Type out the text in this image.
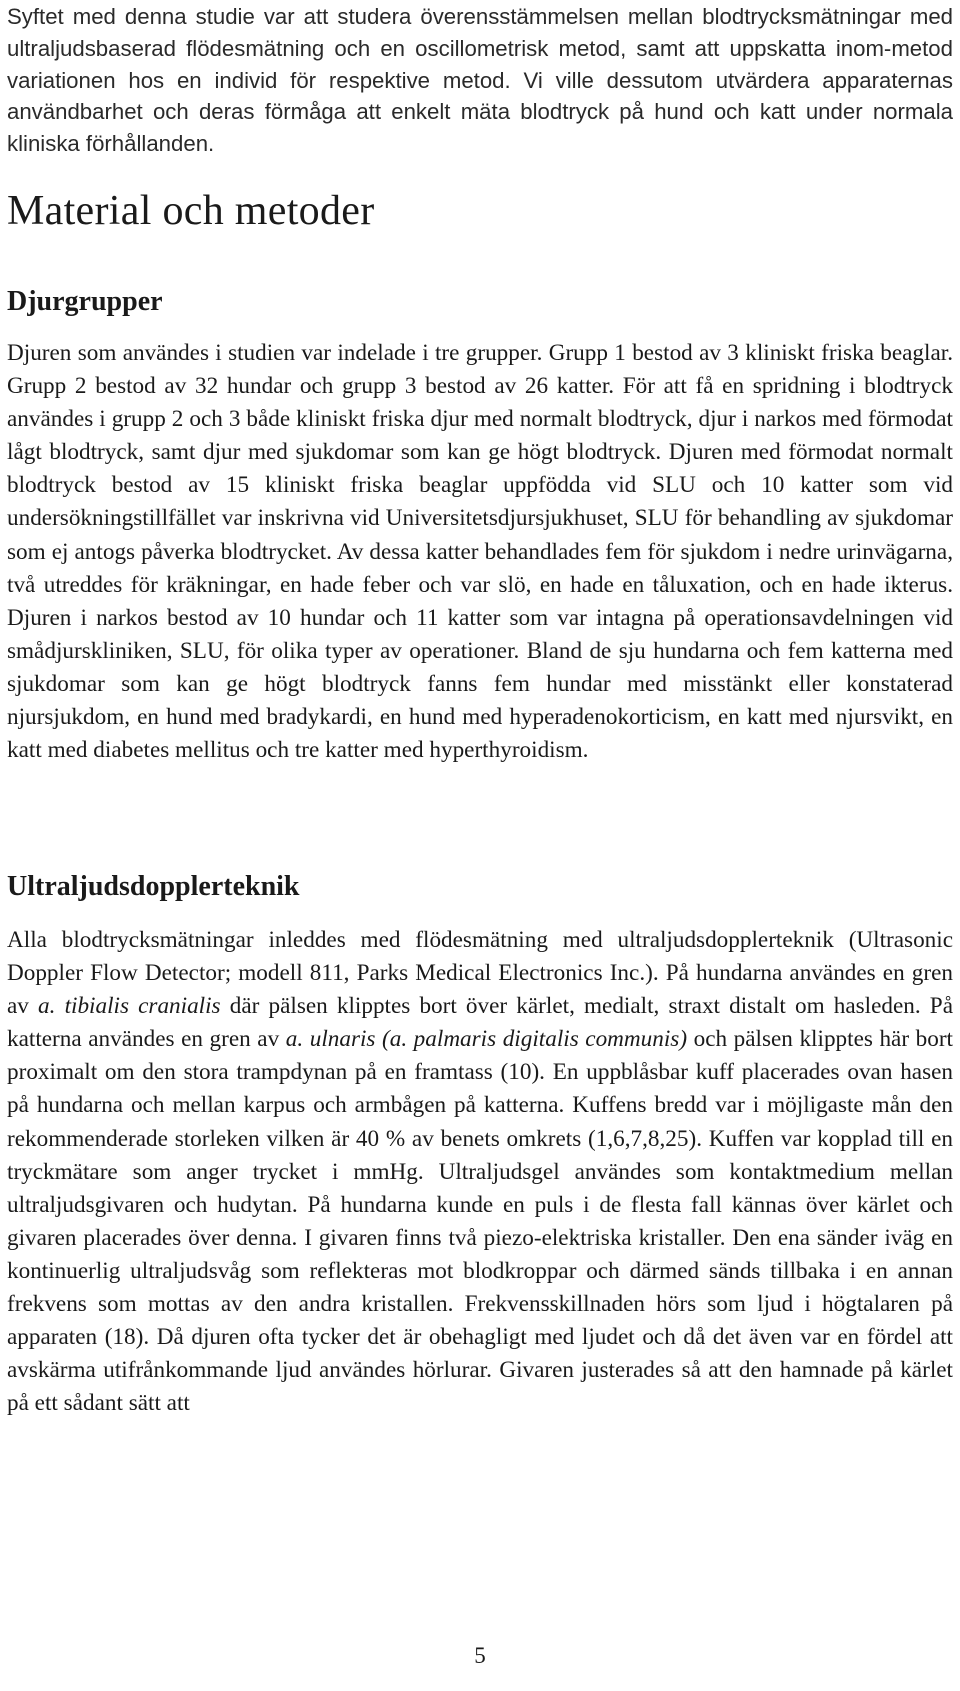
Syftet med denna studie var att studera överensstämmelsen mellan blodtrycksmätningar med ultraljudsbaserad flödesmätning och en oscillometrisk metod, samt att uppskatta inom-metod variationen hos en individ för respektive metod. Vi ville dessutom utvärdera apparaternas användbarhet och deras förmåga att enkelt mäta blodtryck på hund och katt under normala kliniska förhållanden.

Material och metoder
Djurgrupper

Djuren som användes i studien var indelade i tre grupper. Grupp 1 bestod av 3 kliniskt friska beaglar. Grupp 2 bestod av 32 hundar och grupp 3 bestod av 26 katter. För att få en spridning i blodtryck användes i grupp 2 och 3 både kliniskt friska djur med normalt blodtryck, djur i narkos med förmodat lågt blodtryck, samt djur med sjukdomar som kan ge högt blodtryck. Djuren med förmodat normalt blodtryck bestod av 15 kliniskt friska beaglar uppfödda vid SLU och 10 katter som vid undersökningstillfället var inskrivna vid Universitetsdjursjukhuset, SLU för behandling av sjukdomar som ej antogs påverka blodtrycket. Av dessa katter behandlades fem för sjukdom i nedre urinvägarna, två utreddes för kräkningar, en hade feber och var slö, en hade en tåluxation, och en hade ikterus. Djuren i narkos bestod av 10 hundar och 11 katter som var intagna på operationsavdelningen vid smådjurskliniken, SLU, för olika typer av operationer. Bland de sju hundarna och fem katterna med sjukdomar som kan ge högt blodtryck fanns fem hundar med misstänkt eller konstaterad njursjukdom, en hund med bradykardi, en hund med hyperadenokorticism, en katt med njursvikt, en katt med diabetes mellitus och tre katter med hyperthyroidism.

Ultraljudsdopplerteknik

Alla blodtrycksmätningar inleddes med flödesmätning med ultraljudsdopplerteknik (Ultrasonic Doppler Flow Detector; modell 811, Parks Medical Electronics Inc.). På hundarna användes en gren av a. tibialis cranialis där pälsen klipptes bort över kärlet, medialt, straxt distalt om hasleden. På katterna användes en gren av a. ulnaris (a. palmaris digitalis communis) och pälsen klipptes här bort proximalt om den stora trampdynan på en framtass (10). En uppblåsbar kuff placerades ovan hasen på hundarna och mellan karpus och armbågen på katterna. Kuffens bredd var i möjligaste mån den rekommenderade storleken vilken är 40 % av benets omkrets (1,6,7,8,25). Kuffen var kopplad till en tryckmätare som anger trycket i mmHg. Ultraljudsgel användes som kontaktmedium mellan ultraljudsgivaren och hudytan. På hundarna kunde en puls i de flesta fall kännas över kärlet och givaren placerades över denna. I givaren finns två piezo-elektriska kristaller. Den ena sänder iväg en kontinuerlig ultraljudsvåg som reflekteras mot blodkroppar och därmed sänds tillbaka i en annan frekvens som mottas av den andra kristallen. Frekvensskillnaden hörs som ljud i högtalaren på apparaten (18). Då djuren ofta tycker det är obehagligt med ljudet och då det även var en fördel att avskärma utifrånkommande ljud användes hörlurar. Givaren justerades så att den hamnade på kärlet på ett sådant sätt att

5
